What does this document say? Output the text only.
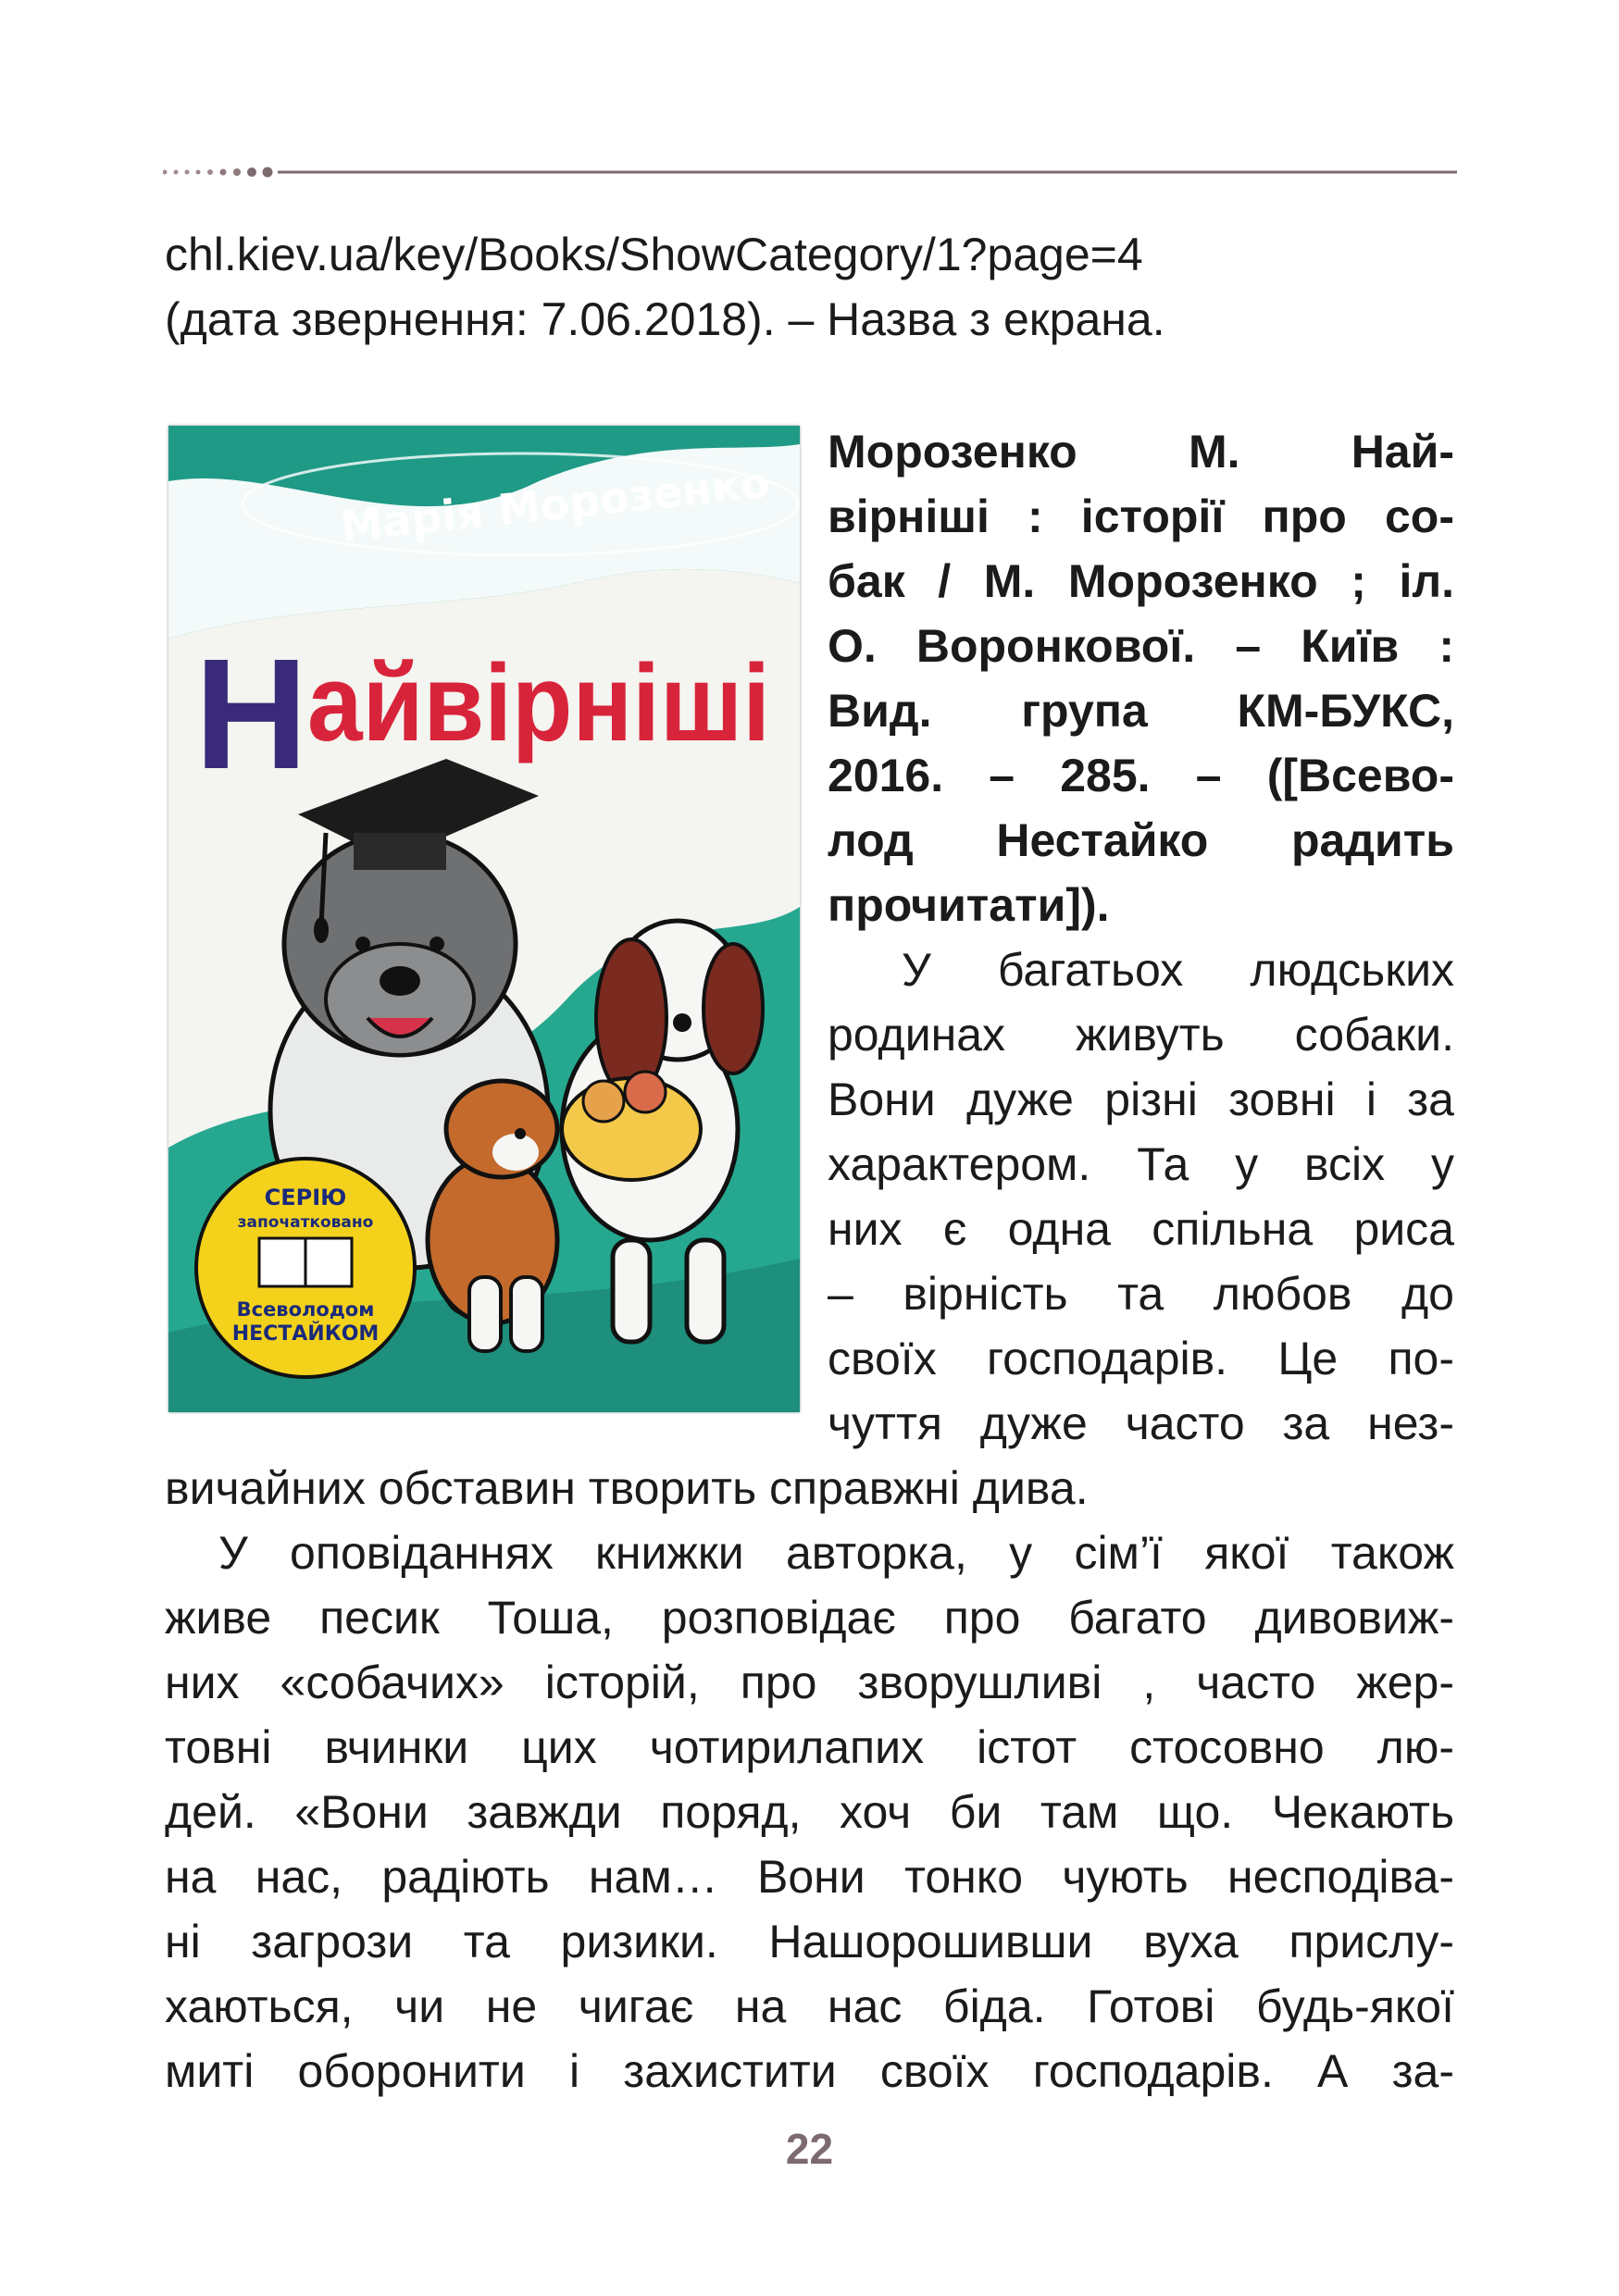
chl.kiev.ua/key/Books/ShowCategory/1?page=4
(дата звернення: 7.06.2018). – Назва з екрана.
Марія Морозенко
Н айвірніші
СЕРІЮ
започатковано
Всеволодом
НЕСТАЙКОМ
Морозенко М. Най-
вірніші : історії про со-
бак / М. Морозенко ; іл.
О. Воронкової. – Київ :
Вид. група КМ-БУКС,
2016. – 285. – ([Всево-
лод Нестайко радить
прочитати]).
У багатьох людських
родинах живуть собаки.
Вони дуже різні зовні і за
характером. Та у всіх у
них є одна спільна риса
– вірність та любов до
своїх господарів. Це по-
чуття дуже часто за нез-
вичайних обставин творить справжні дива.
У оповіданнях книжки авторка, у сім’ї якої також
живе песик Тоша, розповідає про багато дивовиж-
них «собачих» історій, про зворушливі , часто жер-
товні вчинки цих чотирилапих істот стосовно лю-
дей. «Вони завжди поряд, хоч би там що. Чекають
на нас, радіють нам… Вони тонко чують несподіва-
ні загрози та ризики. Нашорошивши вуха прислу-
хаються, чи не чигає на нас біда. Готові будь-якої
миті оборонити і захистити своїх господарів. А за-
22
